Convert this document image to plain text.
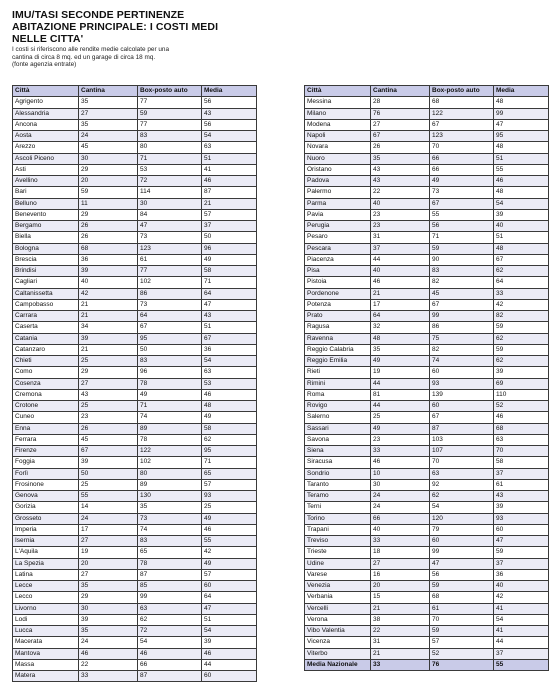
IMU/TASI SECONDE PERTINENZE
ABITAZIONE PRINCIPALE: I COSTI MEDI
NELLE CITTA'
I costi si riferiscono alle rendite medie calcolate per una
cantina di circa 8 mq. ed un garage di circa 18 mq.
(fonte agenzia entrate)
Città	Cantina	Box-posto auto	Media
Agrigento	35	77	56
Alessandria	27	59	43
Ancona	35	77	56
Aosta	24	83	54
Arezzo	45	80	63
Ascoli Piceno	30	71	51
Asti	29	53	41
Avellino	20	72	46
Bari	59	114	87
Belluno	11	30	21
Benevento	29	84	57
Bergamo	26	47	37
Biella	26	73	50
Bologna	68	123	96
Brescia	36	61	49
Brindisi	39	77	58
Cagliari	40	102	71
Caltanissetta	42	86	64
Campobasso	21	73	47
Carrara	21	64	43
Caserta	34	67	51
Catania	39	95	67
Catanzaro	21	50	36
Chieti	25	83	54
Como	29	96	63
Cosenza	27	78	53
Cremona	43	49	46
Crotone	25	71	48
Cuneo	23	74	49
Enna	26	89	58
Ferrara	45	78	62
Firenze	67	122	95
Foggia	39	102	71
Forlì	50	80	65
Frosinone	25	89	57
Genova	55	130	93
Gorizia	14	35	25
Grosseto	24	73	49
Imperia	17	74	46
Isernia	27	83	55
L'Aquila	19	65	42
La Spezia	20	78	49
Latina	27	87	57
Lecce	35	85	60
Lecco	29	99	64
Livorno	30	63	47
Lodi	39	62	51
Lucca	35	72	54
Macerata	24	54	39
Mantova	46	46	46
Massa	22	66	44
Matera	33	87	60
Città	Cantina	Box-posto auto	Media
Messina	28	68	48
Milano	76	122	99
Modena	27	67	47
Napoli	67	123	95
Novara	26	70	48
Nuoro	35	66	51
Oristano	43	66	55
Padova	43	49	46
Palermo	22	73	48
Parma	40	67	54
Pavia	23	55	39
Perugia	23	56	40
Pesaro	31	71	51
Pescara	37	59	48
Piacenza	44	90	67
Pisa	40	83	62
Pistoia	46	82	64
Pordenone	21	45	33
Potenza	17	67	42
Prato	64	99	82
Ragusa	32	86	59
Ravenna	48	75	62
Reggio Calabria	35	82	59
Reggio Emilia	49	74	62
Rieti	19	60	39
Rimini	44	93	69
Roma	81	139	110
Rovigo	44	60	52
Salerno	25	67	46
Sassari	49	87	68
Savona	23	103	63
Siena	33	107	70
Siracusa	46	70	58
Sondrio	10	63	37
Taranto	30	92	61
Teramo	24	62	43
Terni	24	54	39
Torino	66	120	93
Trapani	40	79	60
Treviso	33	60	47
Trieste	18	99	59
Udine	27	47	37
Varese	16	56	36
Venezia	20	59	40
Verbania	15	68	42
Vercelli	21	61	41
Verona	38	70	54
Vibo Valentia	22	59	41
Vicenza	31	57	44
Viterbo	21	52	37
Media Nazionale	33	76	55
